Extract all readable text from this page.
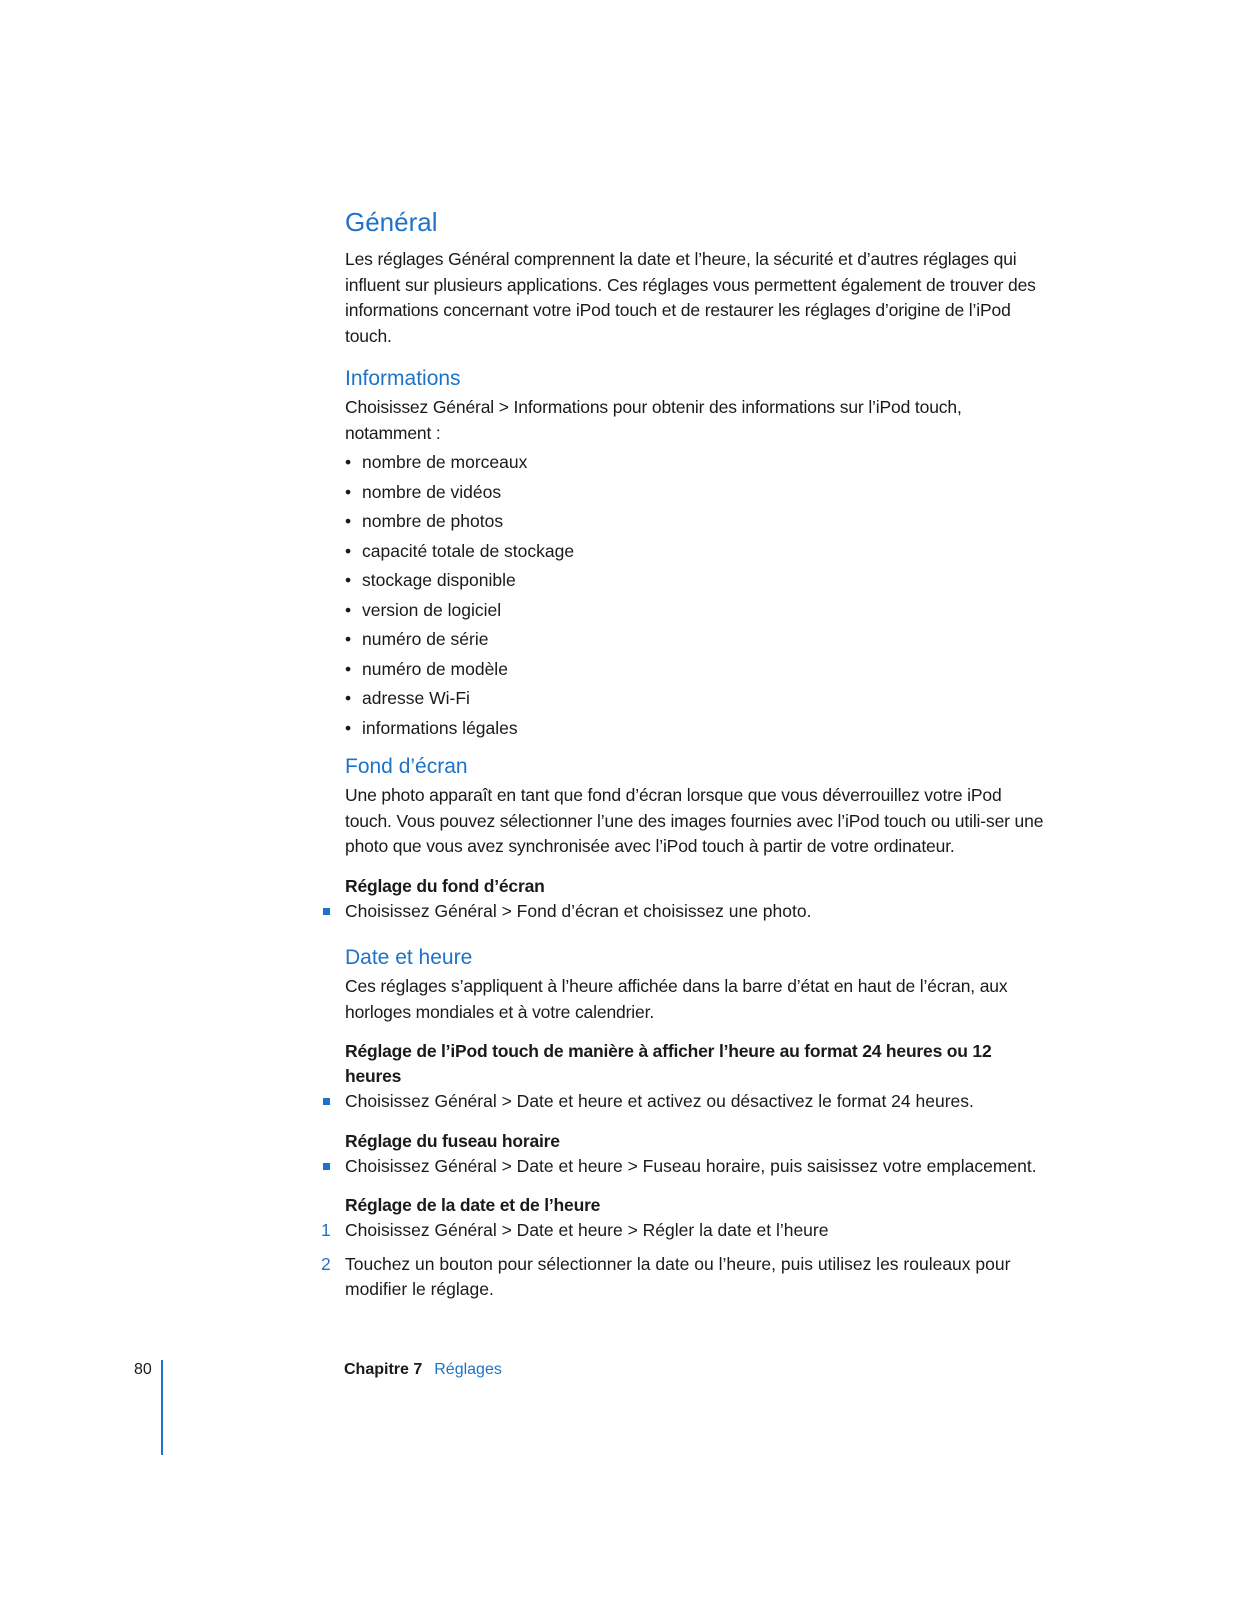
Général

Les réglages Général comprennent la date et l’heure, la sécurité et d’autres réglages qui influent sur plusieurs applications. Ces réglages vous permettent également de trouver des informations concernant votre iPod touch et de restaurer les réglages d’origine de l’iPod touch.

Informations

Choisissez Général > Informations pour obtenir des informations sur l’iPod touch, notamment :

• nombre de morceaux
• nombre de vidéos
• nombre de photos
• capacité totale de stockage
• stockage disponible
• version de logiciel
• numéro de série
• numéro de modèle
• adresse Wi-Fi
• informations légales
Fond d’écran

Une photo apparaît en tant que fond d’écran lorsque que vous déverrouillez votre iPod touch. Vous pouvez sélectionner l’une des images fournies avec l’iPod touch ou utili-ser une photo que vous avez synchronisée avec l’iPod touch à partir de votre ordinateur.

Réglage du fond d’écran

Choisissez Général > Fond d’écran et choisissez une photo.

Date et heure

Ces réglages s’appliquent à l’heure affichée dans la barre d’état en haut de l’écran, aux horloges mondiales et à votre calendrier.

Réglage de l’iPod touch de manière à afficher l’heure au format 24 heures ou 12 heures

Choisissez Général > Date et heure et activez ou désactivez le format 24 heures.

Réglage du fuseau horaire

Choisissez Général > Date et heure > Fuseau horaire, puis saisissez votre emplacement.

Réglage de la date et de l’heure

1 Choisissez Général > Date et heure > Régler la date et l’heure

2 Touchez un bouton pour sélectionner la date ou l’heure, puis utilisez les rouleaux pour modifier le réglage.

80	Chapitre 7 Réglages
